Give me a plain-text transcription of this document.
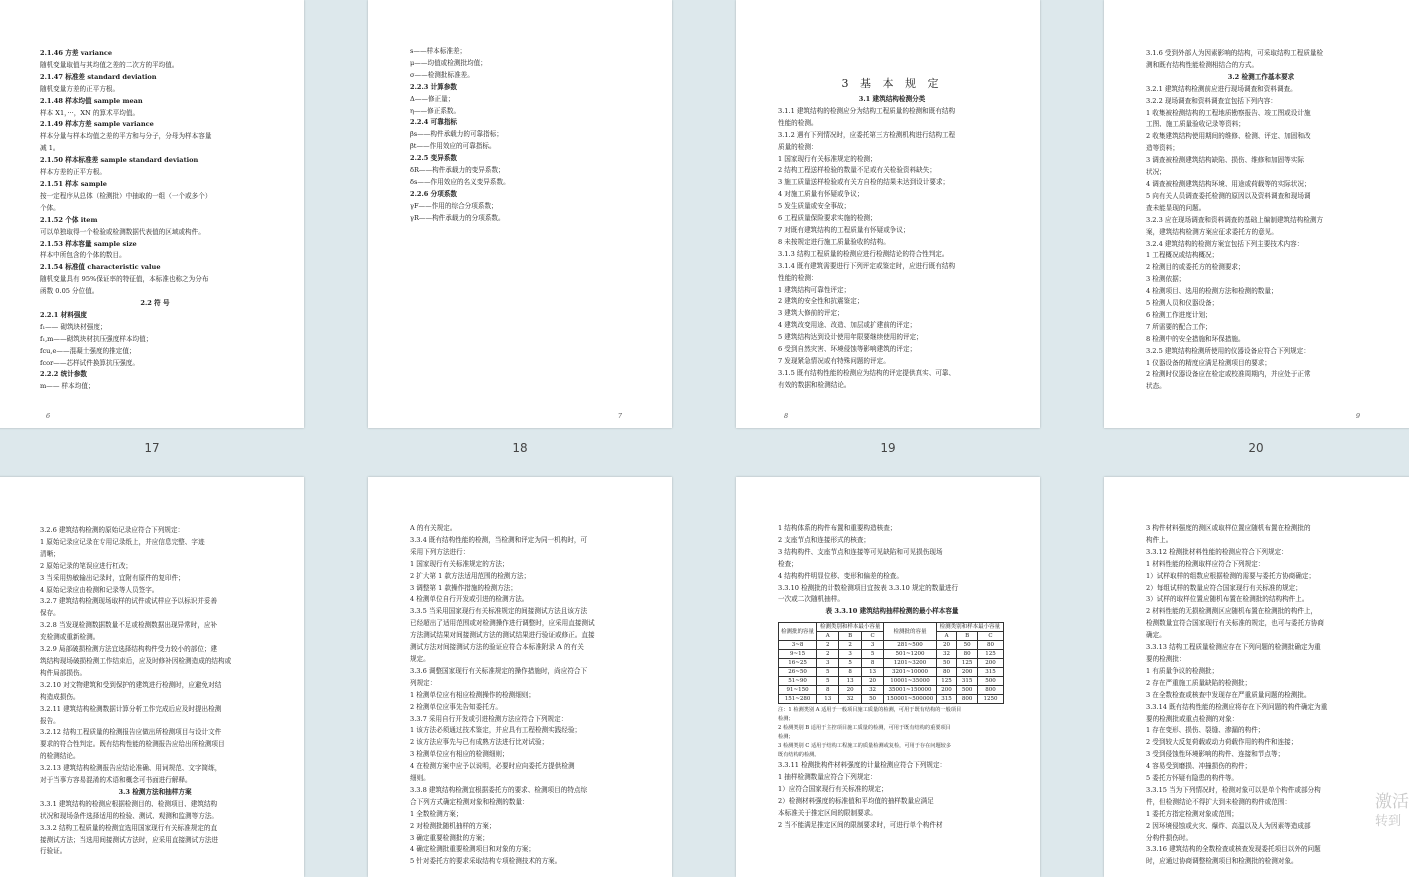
2.1.46 方差 variance
随机变量取值与其均值之差的二次方的平均值。
2.1.47 标准差 standard deviation
随机变量方差的正平方根。
2.1.48 样本均值 sample mean
样本 X1，···，XN 的算术平均值。
2.1.49 样本方差 sample variance
样本分量与样本均值之差的平方和与分子，分母为样本容量
减 1。
2.1.50 样本标准差 sample standard deviation
样本方差的正平方根。
2.1.51 样本 sample
按一定程序从总体（检测批）中抽取的一组（一个或多个）
个体。
2.1.52 个体 item
可以单独取得一个检验或检测数据代表值的区域或构件。
2.1.53 样本容量 sample size
样本中所包含的个体的数目。
2.1.54 标准值 characteristic value
随机变量具有 95%保证率的特征值，本标准也称之为分布
函数 0.05 分位值。
2.2 符 号
2.2.1 材料强度
f₁—— 砌筑块材强度；
f₁,m——砌筑块材抗压强度样本均值；
fcu,e——混凝土强度的推定值；
fcor——芯样试件换算抗压强度。
2.2.2 统计参数
m—— 样本均值；
6
17
s——样本标准差；
μ——均值或检测批均值；
σ——检测批标准差。
2.2.3 计算参数
Δ——修正量；
η——修正系数。
2.2.4 可靠指标
βs——构件承载力的可靠指标；
βt——作用效应的可靠指标。
2.2.5 变异系数
δR——构件承载力的变异系数；
δs——作用效应的名义变异系数。
2.2.6 分项系数
γF——作用的综合分项系数；
γR——构件承载力的分项系数。
7
18
3 基 本 规 定
3.1 建筑结构检测分类
3.1.1 建筑结构的检测应分为结构工程质量的检测和既有结构
性能的检测。
3.1.2 遇有下列情况时，应委托第三方检测机构进行结构工程
质量的检测：
1 国家现行有关标准规定的检测；
2 结构工程送样检验的数量不足或有关检验资料缺失；
3 施工质量送样检验或有关方自检的结果未达到设计要求；
4 对施工质量有怀疑或争议；
5 发生质量或安全事故；
6 工程质量保险要求实施的检测；
7 对既有建筑结构的工程质量有怀疑或争议；
8 未按规定进行施工质量验收的结构。
3.1.3 结构工程质量的检测应进行检测结论的符合性判定。
3.1.4 既有建筑需要进行下列评定或鉴定时，应进行既有结构
性能的检测：
1 建筑结构可靠性评定；
2 建筑的安全性和抗震鉴定；
3 建筑大修前的评定；
4 建筑改变用途、改造、加层或扩建前的评定；
5 建筑结构达到设计使用年限要继续使用的评定；
6 受到自然灾害、环境侵蚀等影响建筑的评定；
7 发现紧急情况或有特殊问题的评定。
3.1.5 既有结构性能的检测应为结构的评定提供真实、可靠、
有效的数据和检测结论。
8
19
3.1.6 受到外部人为因素影响的结构，可采取结构工程质量检
测和既有结构性能检测相结合的方式。
3.2 检测工作基本要求
3.2.1 建筑结构检测前应进行现场调查和资料调查。
3.2.2 现场调查和资料调查宜包括下列内容：
1 收集被检测结构的工程地质勘察报告、竣工图或设计施
工图、施工质量验收记录等资料；
2 收集建筑结构使用期间的维修、检测、评定、加固和改
造等资料；
3 调查被检测建筑结构缺陷、损伤、维修和加固等实际
状况；
4 调查被检测建筑结构环境、用途或荷载等的实际状况；
5 向有关人员调查委托检测的原因以及资料调查和现场调
查未能显现的问题。
3.2.3 应在现场调查和资料调查的基础上编制建筑结构检测方
案，建筑结构检测方案应征求委托方的意见。
3.2.4 建筑结构的检测方案宜包括下列主要技术内容：
1 工程概况或结构概况；
2 检测目的或委托方的检测要求；
3 检测依据；
4 检测项目、选用的检测方法和检测的数量；
5 检测人员和仪器设备；
6 检测工作进度计划；
7 所需要的配合工作；
8 检测中的安全措施和环保措施。
3.2.5 建筑结构检测所使用的仪器设备应符合下列规定：
1 仪器设备的精度应满足检测项目的要求；
2 检测时仪器设备应在检定或校准周期内，并应处于正常
状态。
9
20
3.2.6 建筑结构检测的原始记录应符合下列规定：
1 原始记录应记录在专用记录纸上，并应信息完整、字迹
清晰；
2 原始记录的笔误应进行杠改；
3 当采用热敏输出记录时，宜附有原件的复印件；
4 原始记录应由检测和记录等人员签字。
3.2.7 建筑结构检测现场取样的试件或试样应予以标识并妥善
保存。
3.2.8 当发现检测数据数量不足或检测数据出现异常时，应补
充检测或重新检测。
3.2.9 局部破损检测方法宜选择结构构件受力较小的部位；建
筑结构现场破损检测工作结束后，应及时修补因检测造成的结构或
构件局部损伤。
3.2.10 对文物建筑和受到保护的建筑进行检测时，应避免对结
构造成损伤。
3.2.11 建筑结构检测数据计算分析工作完成后应及时提出检测
报告。
3.2.12 结构工程质量的检测报告应做出所检测项目与设计文件
要求的符合性判定。既有结构性能的检测报告应给出所检测项目
的检测结论。
3.2.13 建筑结构检测报告应结论准确、用词规范、文字简练，
对于当事方容易混淆的术语和概念可书面进行解释。
3.3 检测方法和抽样方案
3.3.1 建筑结构的检测应根据检测目的、检测项目、建筑结构
状况和现场条件选择适用的检验、测试、观测和监测等方法。
3.3.2 结构工程质量的检测宜选用国家现行有关标准规定的直
接测试方法；当选用间接测试方法时，应采用直接测试方法进
行验证。
A 的有关规定。
3.3.4 既有结构性能的检测，当检测和评定为同一机构时，可
采用下列方法进行：
1 国家现行有关标准规定的方法；
2 扩大第 1 款方法适用范围的检测方法；
3 调整第 1 款操作措施的检测方法；
4 检测单位自行开发或引进的检测方法。
3.3.5 当采用国家现行有关标准规定的间接测试方法且该方法
已经超出了适用范围或对检测操作进行调整时，应采用直接测试
方法测试结果对间接测试方法的测试结果进行验证或修正。直接
测试方法对间接测试方法的验证应符合本标准附录 A 的有关
规定。
3.3.6 调整国家现行有关标准规定的操作措施时，尚应符合下
列规定：
1 检测单位应有相应检测操作的检测细则；
2 检测单位应事先告知委托方。
3.3.7 采用自行开发或引进检测方法应符合下列规定：
1 该方法必须通过技术鉴定，并应具有工程检测实践经验；
2 该方法应事先与已有成熟方法进行比对试验；
3 检测单位应有相应的检测细则；
4 在检测方案中应予以说明，必要时应向委托方提供检测
细则。
3.3.8 建筑结构检测宜根据委托方的要求、检测项目的特点综
合下列方式确定检测对象和检测的数量：
1 全数检测方案；
2 对检测批随机抽样的方案；
3 确定重要检测批的方案；
4 确定检测批重要检测项目和对象的方案；
5 针对委托方的要求采取结构专项检测技术的方案。
1 结构体系的构件布置和重要构造核查；
2 支座节点和连接形式的核查；
3 结构构件、支座节点和连接等可见缺陷和可见损伤现场
检查；
4 结构构件明显位移、变形和偏差的检查。
3.3.10 检测批的计数检测项目宜按表 3.3.10 规定的数量进行
一次或二次随机抽样。
表 3.3.10 建筑结构抽样检测的最小样本容量
检测批的容量	检测类别和样本最小容量			检测批的容量	检测类别和样本最小容量		
	A	B	C		A	B	C
3~8	2	2	3	281~500	20	50	80
9~15	2	3	5	501~1200	32	80	125
16~25	3	5	8	1201~3200	50	125	200
26~50	5	8	13	3201~10000	80	200	315
51~90	5	13	20	10001~35000	125	315	500
91~150	8	20	32	35001~150000	200	500	800
151~280	13	32	50	150001~500000	315	800	1250
注：1 检测类别 A 适用于一般项目施工质量的检测，可用于既有结构的一般项目
检测；
2 检测类别 B 适用于主控项目施工质量的检测，可用于既有结构的重要项目
检测；
3 检测类别 C 适用于结构工程施工的质量检测或复检，可用于存在问题较多
既有结构的检测。
3.3.11 检测批构件材料强度的计量检测应符合下列规定：
1 抽样检测数量应符合下列规定：
1）应符合国家现行有关标准的规定；
2）检测材料强度的标准值和平均值的抽样数量应满足
本标准关于推定区间的限制要求。
2 当不能满足推定区间的限制要求时，可进行单个构件材
3 构件材料强度的测区或取样位置应随机布置在检测批的
构件上。
3.3.12 检测批材料性能的检测应符合下列规定：
1 材料性能的检测取样应符合下列规定：
1）试样取样的组数应根据检测的需要与委托方协商确定；
2）每组试样的数量应符合国家现行有关标准的规定；
3）试样的取样位置应随机布置在检测批的结构构件上。
2 材料性能的无损检测测区应随机布置在检测批的构件上，
检测数量宜符合国家现行有关标准的规定，也可与委托方协商
确定。
3.3.13 结构工程质量检测应存在下列问题的检测批确定为重
要的检测批：
1 有质量争议的检测批；
2 存在严重施工质量缺陷的检测批；
3 在全数检查或核查中发现存在严重质量问题的检测批。
3.3.14 既有结构性能的检测应将存在下列问题的构件确定为重
要的检测批或重点检测的对象：
1 存在变形、损伤、裂缝、渗漏的构件；
2 受到较大反复荷载或动力荷载作用的构件和连接；
3 受到侵蚀性环境影响的构件、连接和节点等；
4 容易受到磨损、冲撞损伤的构件；
5 委托方怀疑有隐患的构件等。
3.3.15 当为下列情况时，检测对象可以是单个构件或部分构
件，但检测结论不得扩大到未检测的构件或范围：
1 委托方指定检测对象或范围；
2 因环境侵蚀或火灾、爆炸、高温以及人为因素等造成部
分构件损伤时。
3.3.16 建筑结构的全数检查或核查发现委托项目以外的问题
时，应通过协商调整检测项目和检测批的检测对象。
激活
转到
